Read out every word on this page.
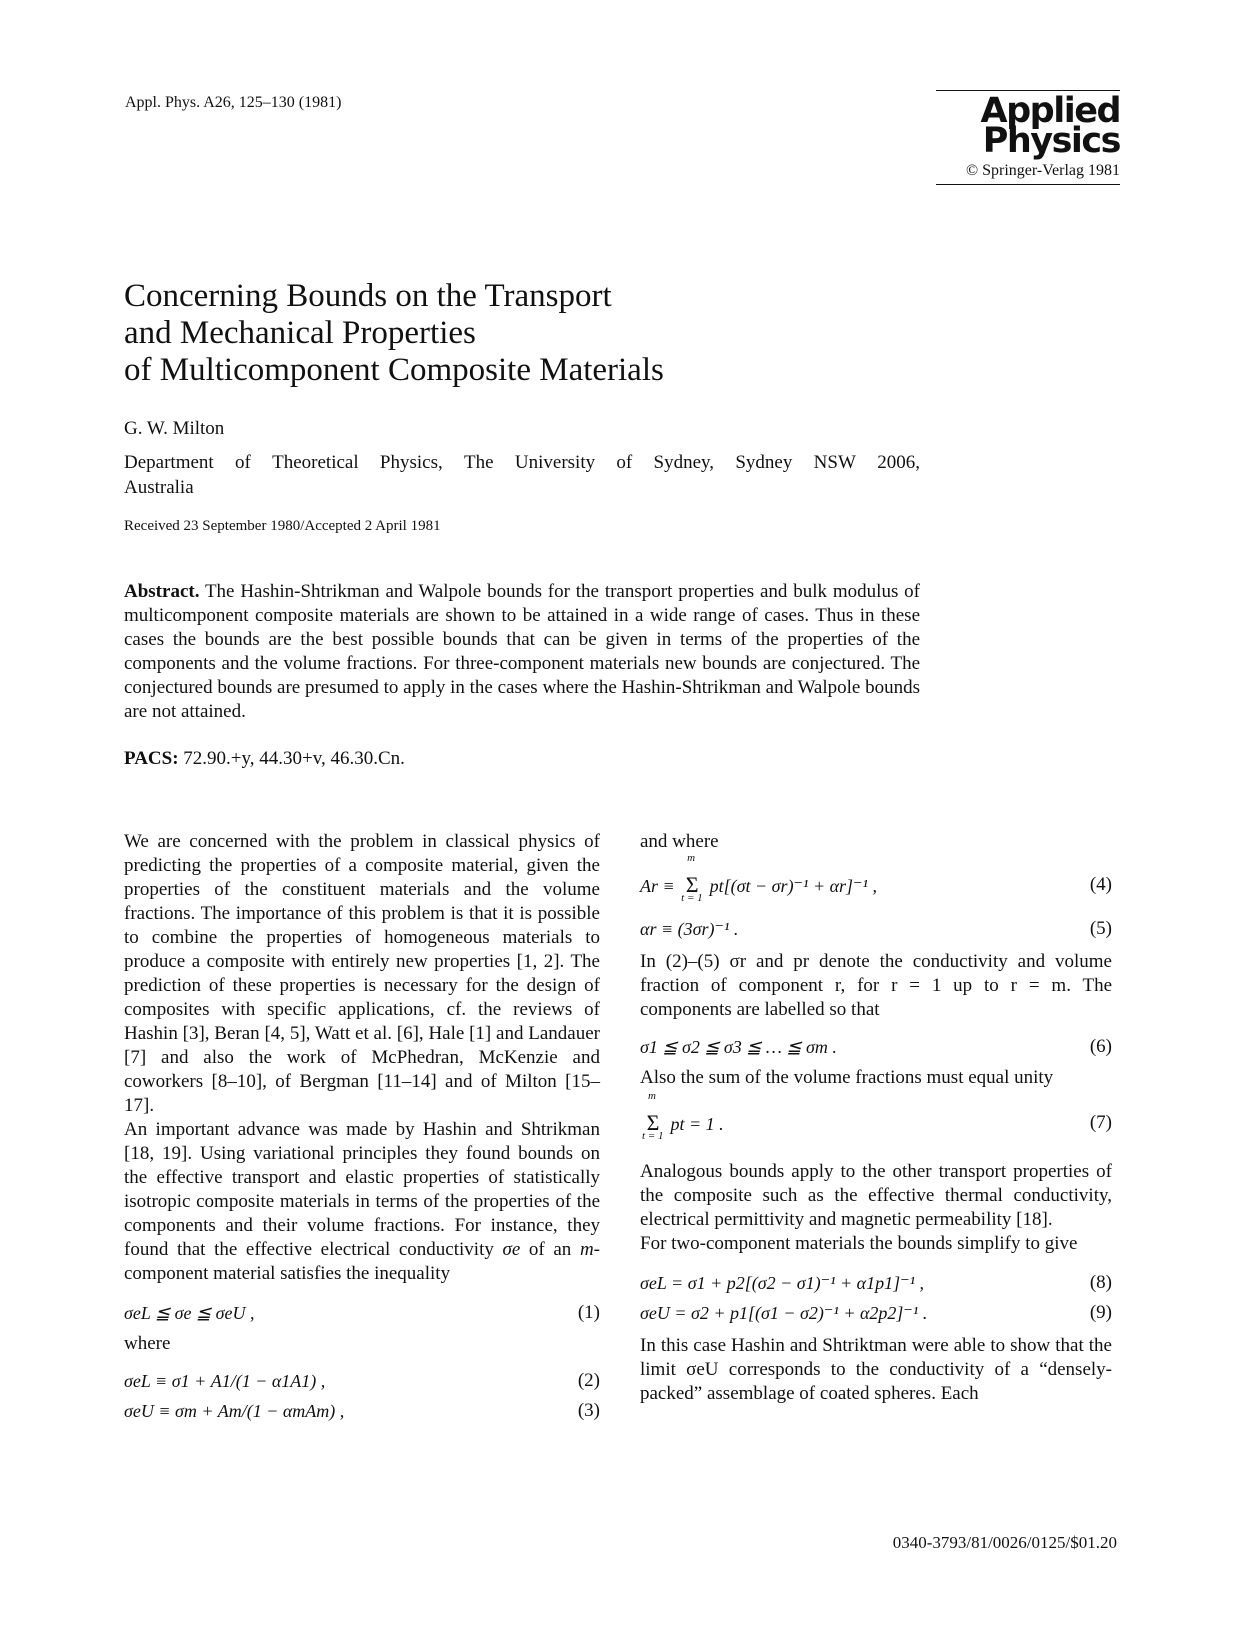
Appl. Phys. A26, 125–130 (1981)	Applied
Physics
© Springer-Verlag 1981
Concerning Bounds on the Transport
and Mechanical Properties
of Multicomponent Composite Materials
G. W. Milton
Department of Theoretical Physics, The University of Sydney, Sydney NSW 2006,
Australia
Received 23 September 1980/Accepted 2 April 1981
Abstract. The Hashin-Shtrikman and Walpole bounds for the transport properties and bulk modulus of multicomponent composite materials are shown to be attained in a wide range of cases. Thus in these cases the bounds are the best possible bounds that can be given in terms of the properties of the components and the volume fractions. For three-component materials new bounds are conjectured. The conjectured bounds are presumed to apply in the cases where the Hashin-Shtrikman and Walpole bounds are not attained.
PACS: 72.90.+y, 44.30+v, 46.30.Cn.

We are concerned with the problem in classical physics of predicting the properties of a composite material, given the properties of the constituent materials and the volume fractions. The importance of this problem is that it is possible to combine the properties of homogeneous materials to produce a composite with entirely new properties [1, 2]. The prediction of these properties is necessary for the design of composites with specific applications, cf. the reviews of Hashin [3], Beran [4, 5], Watt et al. [6], Hale [1] and Landauer [7] and also the work of McPhedran, McKenzie and coworkers [8–10], of Bergman [11–14] and of Milton [15–17].

An important advance was made by Hashin and Shtrikman [18, 19]. Using variational principles they found bounds on the effective transport and elastic properties of statistically isotropic composite materials in terms of the properties of the components and their volume fractions. For instance, they found that the effective electrical conductivity σe of an m-component material satisfies the inequality

σeL ≦ σe ≦ σeU ,	(1)

where

σeL ≡ σ1 + A1/(1 − α1A1) ,	(2)
σeU ≡ σm + Am/(1 − αmAm) ,	(3)

and where

Ar ≡ Σ
m
t = 1
pt[(σt − σr)⁻¹ + αr]⁻¹ ,	(4)
αr ≡ (3σr)⁻¹ .	(5)

In (2)–(5) σr and pr denote the conductivity and volume fraction of component r, for r = 1 up to r = m. The components are labelled so that

σ1 ≦ σ2 ≦ σ3 ≦ … ≦ σm .	(6)

Also the sum of the volume fractions must equal unity

Σ
m
t = 1
pt = 1 .	(7)

Analogous bounds apply to the other transport properties of the composite such as the effective thermal conductivity, electrical permittivity and magnetic permeability [18].

For two-component materials the bounds simplify to give

σeL = σ1 + p2[(σ2 − σ1)⁻¹ + α1p1]⁻¹ ,	(8)
σeU = σ2 + p1[(σ1 − σ2)⁻¹ + α2p2]⁻¹ .	(9)

In this case Hashin and Shtriktman were able to show that the limit σeU corresponds to the conductivity of a “densely-packed” assemblage of coated spheres. Each

0340-3793/81/0026/0125/$01.20
